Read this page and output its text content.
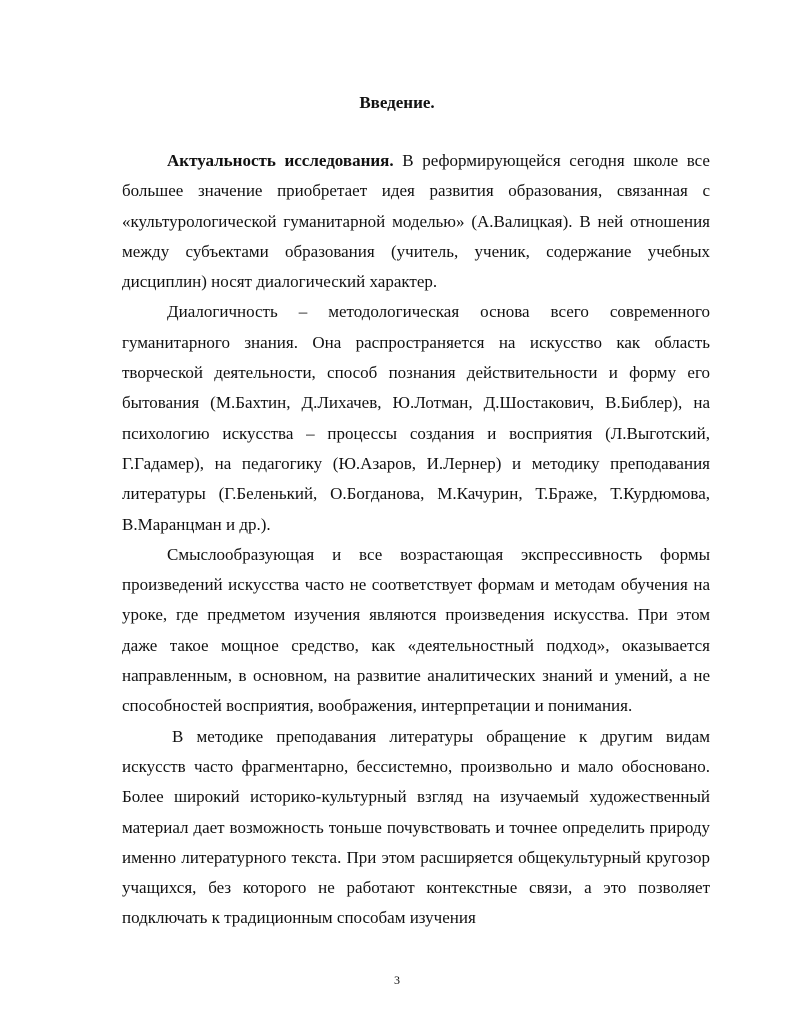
Введение.

Актуальность исследования. В реформирующейся сегодня школе все большее значение приобретает идея развития образования, связанная с «культурологической гуманитарной моделью» (А.Валицкая). В ней отношения между субъектами образования (учитель, ученик, содержание учебных дисциплин) носят диалогический характер.

Диалогичность – методологическая основа всего современного гуманитарного знания. Она распространяется на искусство как область творческой деятельности, способ познания действительности и форму его бытования (М.Бахтин, Д.Лихачев, Ю.Лотман, Д.Шостакович, В.Библер), на психологию искусства – процессы создания и восприятия (Л.Выготский, Г.Гадамер), на педагогику (Ю.Азаров, И.Лернер) и методику преподавания литературы (Г.Беленький, О.Богданова, М.Качурин, Т.Браже, Т.Курдюмова, В.Маранцман и др.).

Смыслообразующая и все возрастающая экспрессивность формы произведений искусства часто не соответствует формам и методам обучения на уроке, где предметом изучения являются произведения искусства. При этом даже такое мощное средство, как «деятельностный подход», оказывается направленным, в основном, на развитие аналитических знаний и умений, а не способностей восприятия, воображения, интерпретации и понимания.

В методике преподавания литературы обращение к другим видам искусств часто фрагментарно, бессистемно, произвольно и мало обосновано. Более широкий историко-культурный взгляд на изучаемый художественный материал дает возможность тоньше почувствовать и точнее определить природу именно литературного текста. При этом расширяется общекультурный кругозор учащихся, без которого не работают контекстные связи, а это позволяет подключать к традиционным способам изучения

3
